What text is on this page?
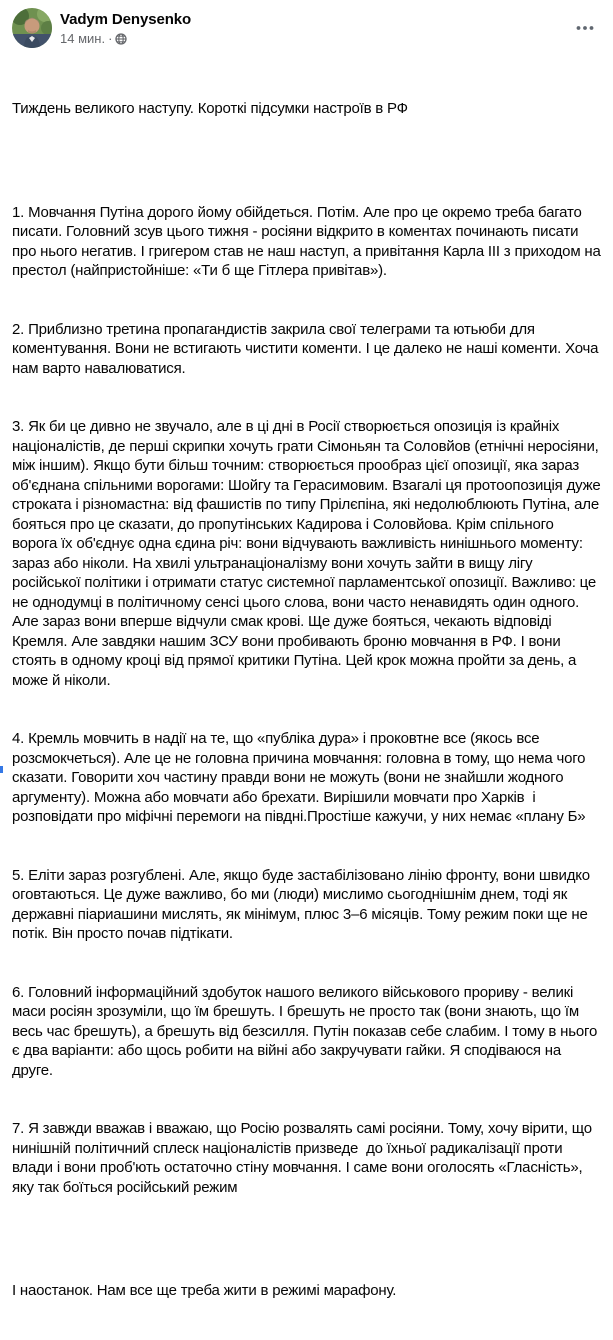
Vadym Denysenko
14 мин. ·

Тиждень великого наступу. Короткі підсумки настроїв в РФ

1. Мовчання Путіна дорого йому обійдеться. Потім. Але про це окремо треба багато писати. Головний зсув цього тижня - росіяни відкрито в коментах починають писати про нього негатив. І григером став не наш наступ, а привітання Карла ІІІ з приходом на престол (найпристойніше: «Ти б ще Гітлера привітав»).

2. Приблизно третина пропагандистів закрила свої телеграми та ютьюби для коментування. Вони не встигають чистити коменти. І це далеко не наші коменти. Хоча нам варто навалюватися.

3. Як би це дивно не звучало, але в ці дні в Росії створюється опозиція із крайніх націоналістів, де перші скрипки хочуть грати Сімоньян та Соловйов (етнічні неросіяни, між іншим). Якщо бути більш точним: створюється прообраз цієї опозиції, яка зараз об'єднана спільними ворогами: Шойгу та Герасимовим. Взагалі ця протоопозиція дуже строката і різномастна: від фашистів по типу Прілєпіна, які недолюблюють Путіна, але бояться про це сказати, до пропутінських Кадирова і Соловйова. Крім спільного ворога їх об'єднує одна єдина річ: вони відчувають важливість нинішнього моменту: зараз або ніколи. На хвилі ультранаціоналізму вони хочуть зайти в вищу лігу російської політики і отримати статус системної парламентської опозиції. Важливо: це не однодумці в політичному сенсі цього слова, вони часто ненавидять один одного. Але зараз вони вперше відчули смак крові. Ще дуже бояться, чекають відповіді Кремля. Але завдяки нашим ЗСУ вони пробивають броню мовчання в РФ. І вони стоять в одному кроці від прямої критики Путіна. Цей крок можна пройти за день, а може й ніколи.

4. Кремль мовчить в надії на те, що «публіка дура» і проковтне все (якось все розсмокчеться). Але це не головна причина мовчання: головна в тому, що нема чого сказати. Говорити хоч частину правди вони не можуть (вони не знайшли жодного аргументу). Можна або мовчати або брехати. Вирішили мовчати про Харків  і розповідати про міфічні перемоги на півдні.Простіше кажучи, у них немає «плану Б»

5. Еліти зараз розгублені. Але, якщо буде застабілізовано лінію фронту, вони швидко оговтаються. Це дуже важливо, бо ми (люди) мислимо сьогоднішнім днем, тоді як державні піариашини мислять, як мінімум, плюс 3–6 місяців. Тому режим поки ще не потік. Він просто почав підтікати.

6. Головний інформаційний здобуток нашого великого військового прориву - великі маси росіян зрозуміли, що їм брешуть. І брешуть не просто так (вони знають, що їм весь час брешуть), а брешуть від безсилля. Путін показав себе слабим. І тому в нього є два варіанти: або щось робити на війні або закручувати гайки. Я сподіваюся на друге.

7. Я завжди вважав і вважаю, що Росію розвалять самі росіяни. Тому, хочу вірити, що нинішній політичний сплеск націоналістів призведе  до їхньої радикалізації проти влади і вони проб'ють остаточно стіну мовчання. І саме вони оголосять «Гласність», яку так боїться російський режим

І наостанок. Нам все ще треба жити в режимі марафону.
